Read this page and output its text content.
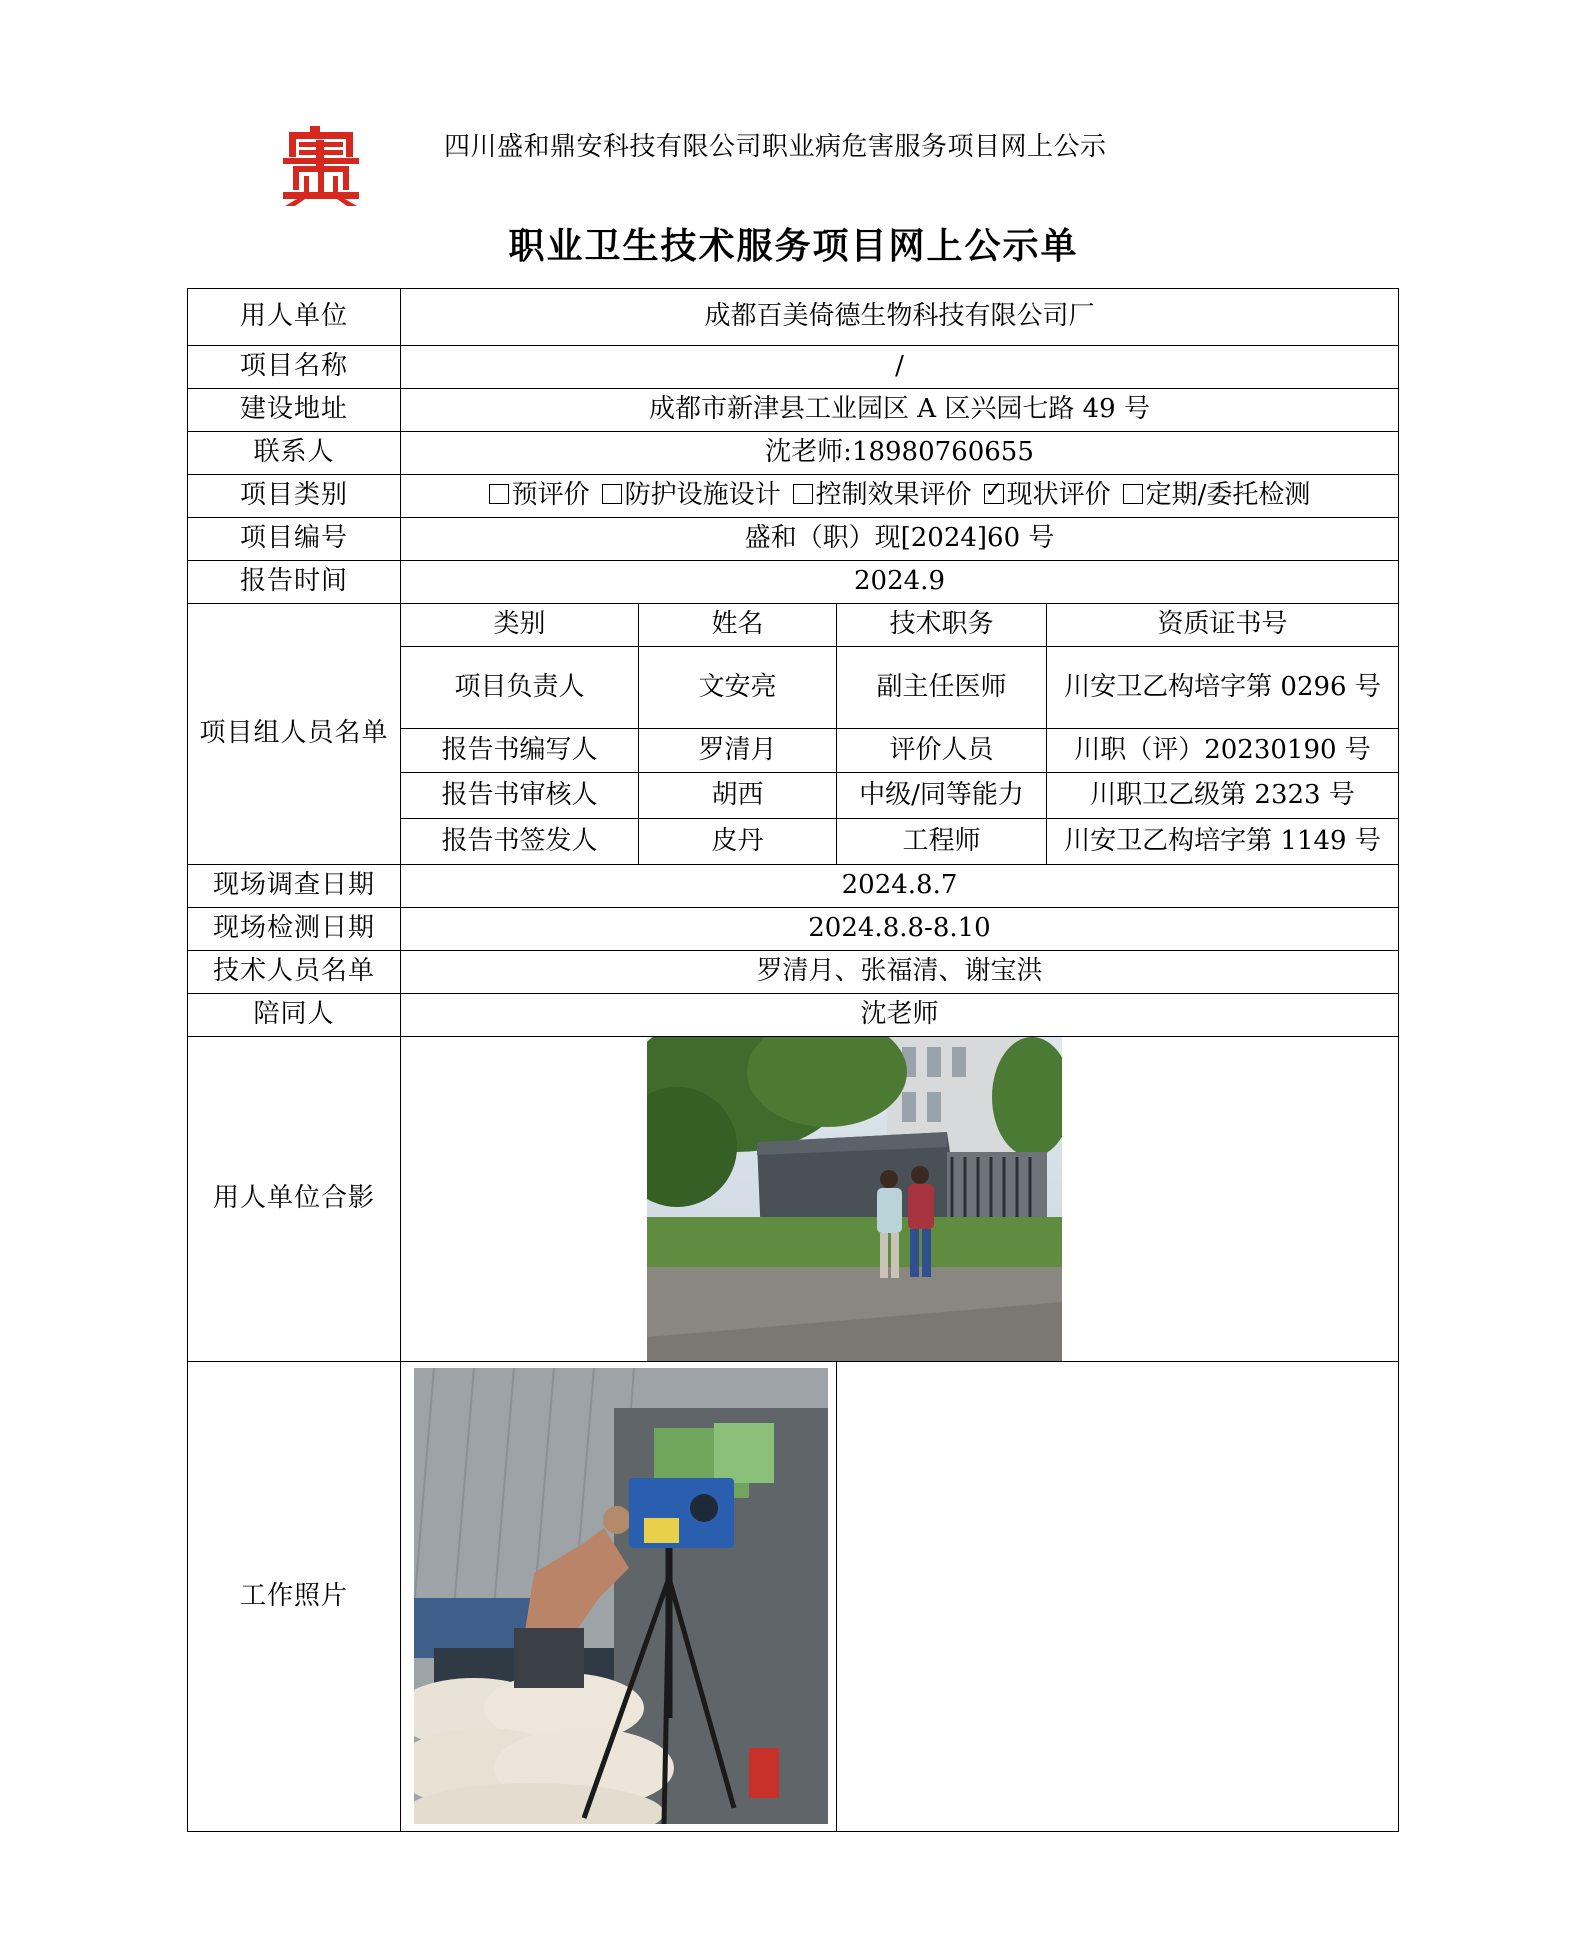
四川盛和鼎安科技有限公司职业病危害服务项目网上公示
职业卫生技术服务项目网上公示单
用人单位	成都百美倚德生物科技有限公司厂			
项目名称	/			
建设地址	成都市新津县工业园区 A 区兴园七路 49 号			
联系人	沈老师:18980760655			
项目类别	预评价 防护设施设计 控制效果评价 ✓ 现状评价 定期/委托检测
项目编号	盛和（职）现[2024]60 号			
报告时间	2024.9			
项目组人员名单	类别	姓名	技术职务	资质证书号
	项目负责人	文安亮	副主任医师	川安卫乙构培字第 0296 号
	报告书编写人	罗清月	评价人员	川职（评）20230190 号
	报告书审核人	胡西	中级/同等能力	川职卫乙级第 2323 号
	报告书签发人	皮丹	工程师	川安卫乙构培字第 1149 号
现场调查日期	2024.8.7			
现场检测日期	2024.8.8-8.10			
技术人员名单	罗清月、张福清、谢宝洪			
陪同人	沈老师			
用人单位合影	

工作照片	
